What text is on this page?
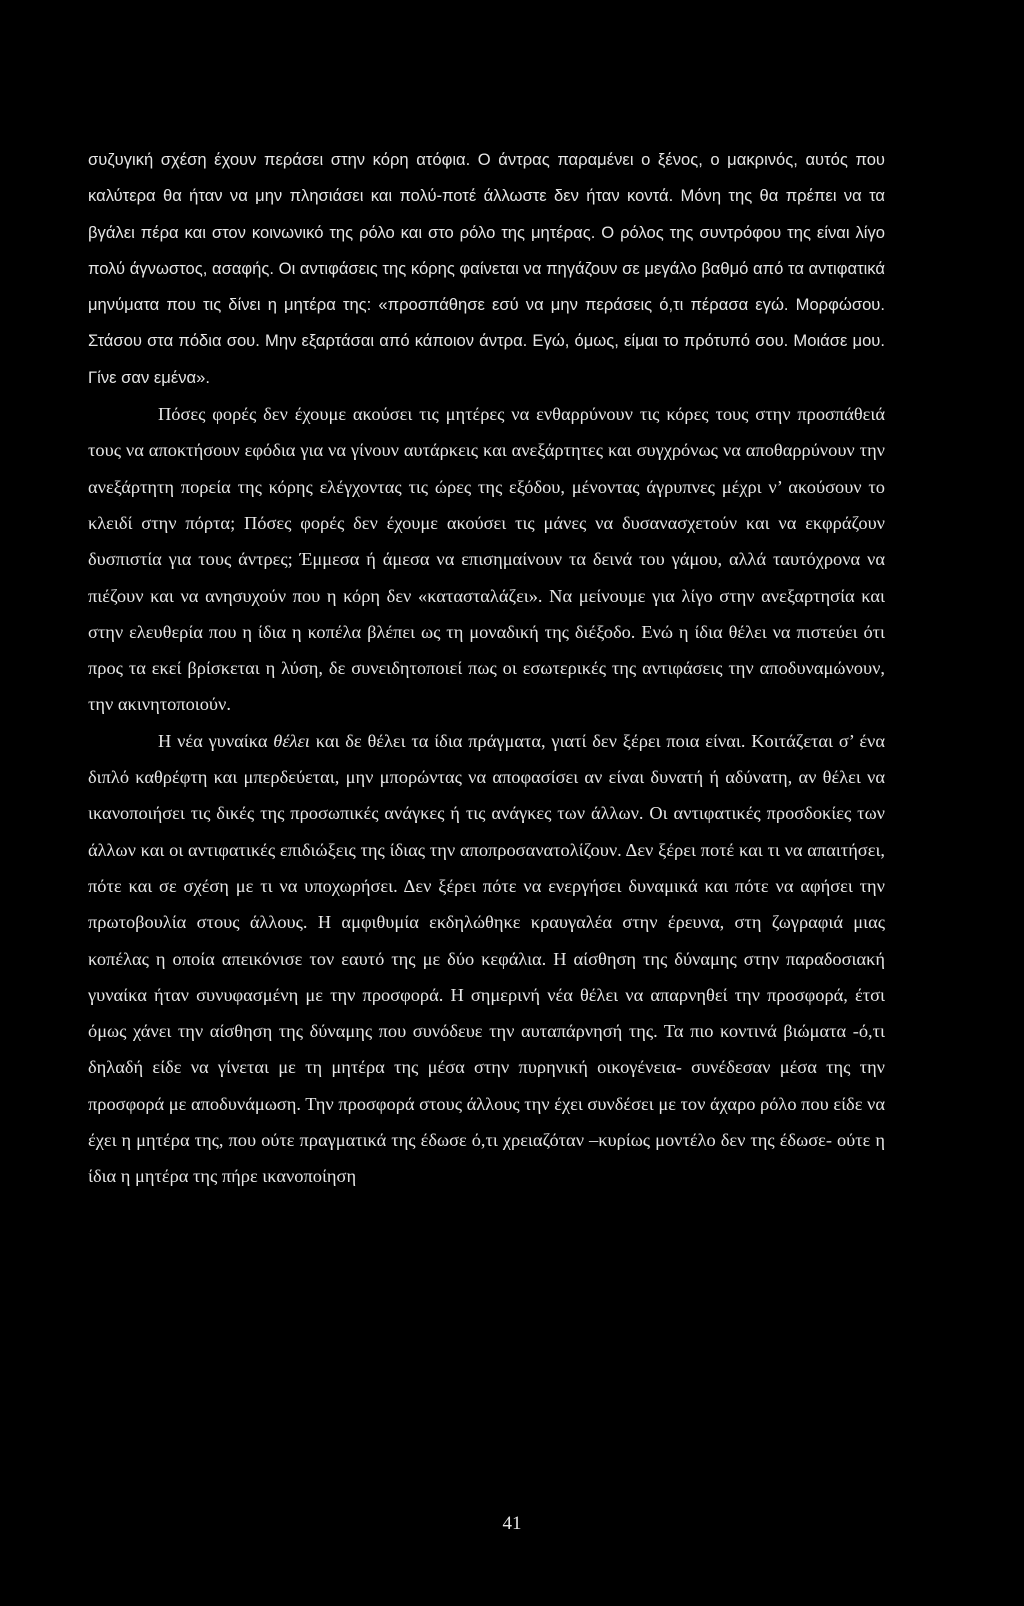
συζυγική σχέση έχουν περάσει στην κόρη ατόφια. Ο άντρας παραμένει ο ξένος, ο μακρινός, αυτός που καλύτερα θα ήταν να μην πλησιάσει και πολύ-ποτέ άλλωστε δεν ήταν κοντά. Μόνη της θα πρέπει να τα βγάλει πέρα και στον κοινωνικό της ρόλο και στο ρόλο της μητέρας. Ο ρόλος της συντρόφου της είναι λίγο πολύ άγνωστος, ασαφής. Οι αντιφάσεις της κόρης φαίνεται να πηγάζουν σε μεγάλο βαθμό από τα αντιφατικά μηνύματα που τις δίνει η μητέρα της: «προσπάθησε εσύ να μην περάσεις ό,τι πέρασα εγώ. Μορφώσου. Στάσου στα πόδια σου. Μην εξαρτάσαι από κάποιον άντρα. Εγώ, όμως, είμαι το πρότυπό σου. Μοιάσε μου. Γίνε σαν εμένα».

Πόσες φορές δεν έχουμε ακούσει τις μητέρες να ενθαρρύνουν τις κόρες τους στην προσπάθειά τους να αποκτήσουν εφόδια για να γίνουν αυτάρκεις και ανεξάρτητες και συγχρόνως να αποθαρρύνουν την ανεξάρτητη πορεία της κόρης ελέγχοντας τις ώρες της εξόδου, μένοντας άγρυπνες μέχρι ν’ ακούσουν το κλειδί στην πόρτα; Πόσες φορές δεν έχουμε ακούσει τις μάνες να δυσανασχετούν και να εκφράζουν δυσπιστία για τους άντρες; Έμμεσα ή άμεσα να επισημαίνουν τα δεινά του γάμου, αλλά ταυτόχρονα να πιέζουν και να ανησυχούν που η κόρη δεν «κατασταλάζει». Να μείνουμε για λίγο στην ανεξαρτησία και στην ελευθερία που η ίδια η κοπέλα βλέπει ως τη μοναδική της διέξοδο. Ενώ η ίδια θέλει να πιστεύει ότι προς τα εκεί βρίσκεται η λύση, δε συνειδητοποιεί πως οι εσωτερικές της αντιφάσεις την αποδυναμώνουν, την ακινητοποιούν.

Η νέα γυναίκα θέλει και δε θέλει τα ίδια πράγματα, γιατί δεν ξέρει ποια είναι. Κοιτάζεται σ’ ένα διπλό καθρέφτη και μπερδεύεται, μην μπορώντας να αποφασίσει αν είναι δυνατή ή αδύνατη, αν θέλει να ικανοποιήσει τις δικές της προσωπικές ανάγκες ή τις ανάγκες των άλλων. Οι αντιφατικές προσδοκίες των άλλων και οι αντιφατικές επιδιώξεις της ίδιας την αποπροσανατολίζουν. Δεν ξέρει ποτέ και τι να απαιτήσει, πότε και σε σχέση με τι να υποχωρήσει. Δεν ξέρει πότε να ενεργήσει δυναμικά και πότε να αφήσει την πρωτοβουλία στους άλλους. Η αμφιθυμία εκδηλώθηκε κραυγαλέα στην έρευνα, στη ζωγραφιά μιας κοπέλας η οποία απεικόνισε τον εαυτό της με δύο κεφάλια. Η αίσθηση της δύναμης στην παραδοσιακή γυναίκα ήταν συνυφασμένη με την προσφορά. Η σημερινή νέα θέλει να απαρνηθεί την προσφορά, έτσι όμως χάνει την αίσθηση της δύναμης που συνόδευε την αυταπάρνησή της. Τα πιο κοντινά βιώματα -ό,τι δηλαδή είδε να γίνεται με τη μητέρα της μέσα στην πυρηνική οικογένεια- συνέδεσαν μέσα της την προσφορά με αποδυνάμωση. Την προσφορά στους άλλους την έχει συνδέσει με τον άχαρο ρόλο που είδε να έχει η μητέρα της, που ούτε πραγματικά της έδωσε ό,τι χρειαζόταν –κυρίως μοντέλο δεν της έδωσε- ούτε η ίδια η μητέρα της πήρε ικανοποίηση

41
